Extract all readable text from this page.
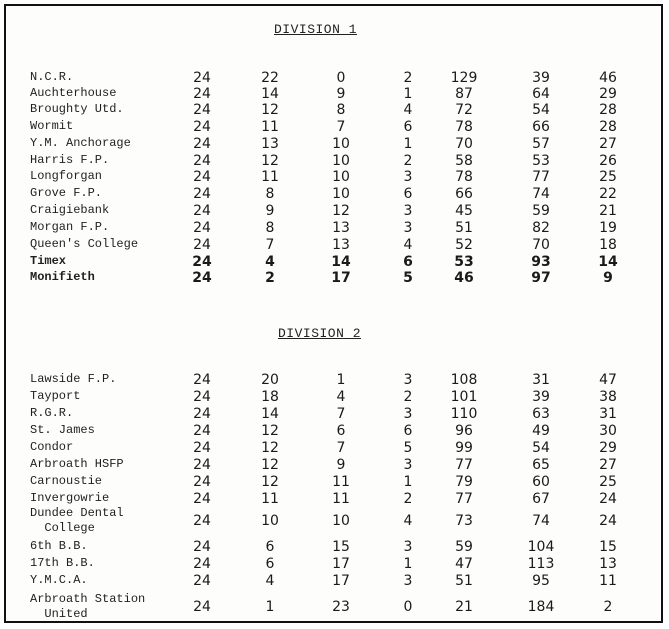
DIVISION 1
N.C.R.	24	22	0	2	129	39	46
Auchterhouse	24	14	9	1	87	64	29
Broughty Utd.	24	12	8	4	72	54	28
Wormit	24	11	7	6	78	66	28
Y.M. Anchorage	24	13	10	1	70	57	27
Harris F.P.	24	12	10	2	58	53	26
Longforgan	24	11	10	3	78	77	25
Grove F.P.	24	8	10	6	66	74	22
Craigiebank	24	9	12	3	45	59	21
Morgan F.P.	24	8	13	3	51	82	19
Queen's College	24	7	13	4	52	70	18
Timex	24	4	14	6	53	93	14
Monifieth	24	2	17	5	46	97	9
DIVISION 2
Lawside F.P.	24	20	1	3	108	31	47
Tayport	24	18	4	2	101	39	38
R.G.R.	24	14	7	3	110	63	31
St. James	24	12	6	6	96	49	30
Condor	24	12	7	5	99	54	29
Arbroath HSFP	24	12	9	3	77	65	27
Carnoustie	24	12	11	1	79	60	25
Invergowrie	24	11	11	2	77	67	24
Dundee Dental
College	24	10	10	4	73	74	24
6th B.B.	24	6	15	3	59	104	15
17th B.B.	24	6	17	1	47	113	13
Y.M.C.A.	24	4	17	3	51	95	11
Arbroath Station
United	24	1	23	0	21	184	2
